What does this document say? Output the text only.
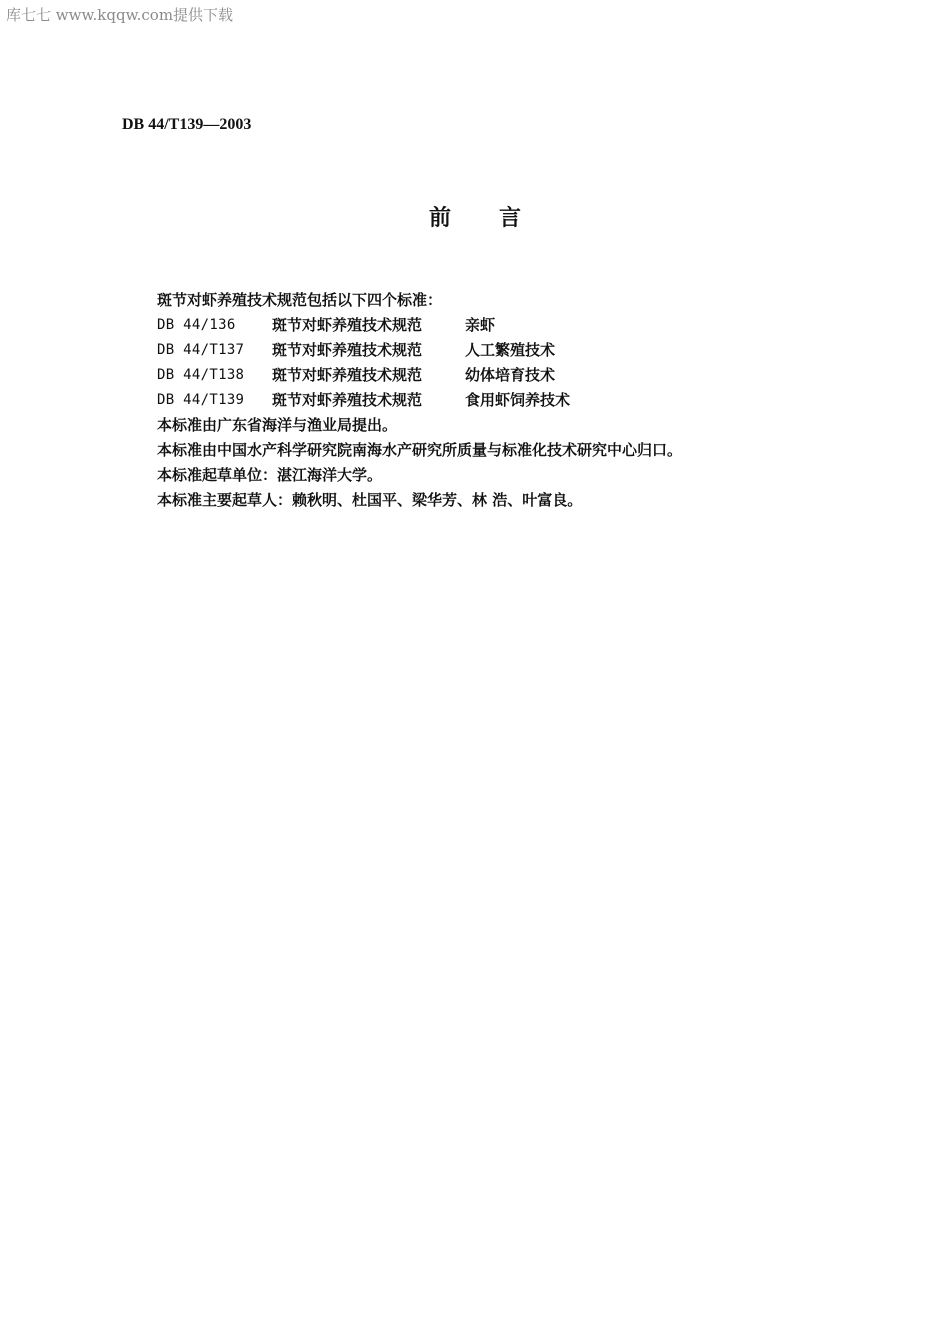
库七七 www.kqqw.com提供下载
DB 44/T139—2003
前言
斑节对虾养殖技术规范包括以下四个标准：
DB 44/136	斑节对虾养殖技术规范	亲虾
DB 44/T137	斑节对虾养殖技术规范	人工繁殖技术
DB 44/T138	斑节对虾养殖技术规范	幼体培育技术
DB 44/T139	斑节对虾养殖技术规范	食用虾饲养技术
本标准由广东省海洋与渔业局提出。
本标准由中国水产科学研究院南海水产研究所质量与标准化技术研究中心归口。
本标准起草单位：湛江海洋大学。
本标准主要起草人：赖秋明、杜国平、梁华芳、林 浩、叶富良。
